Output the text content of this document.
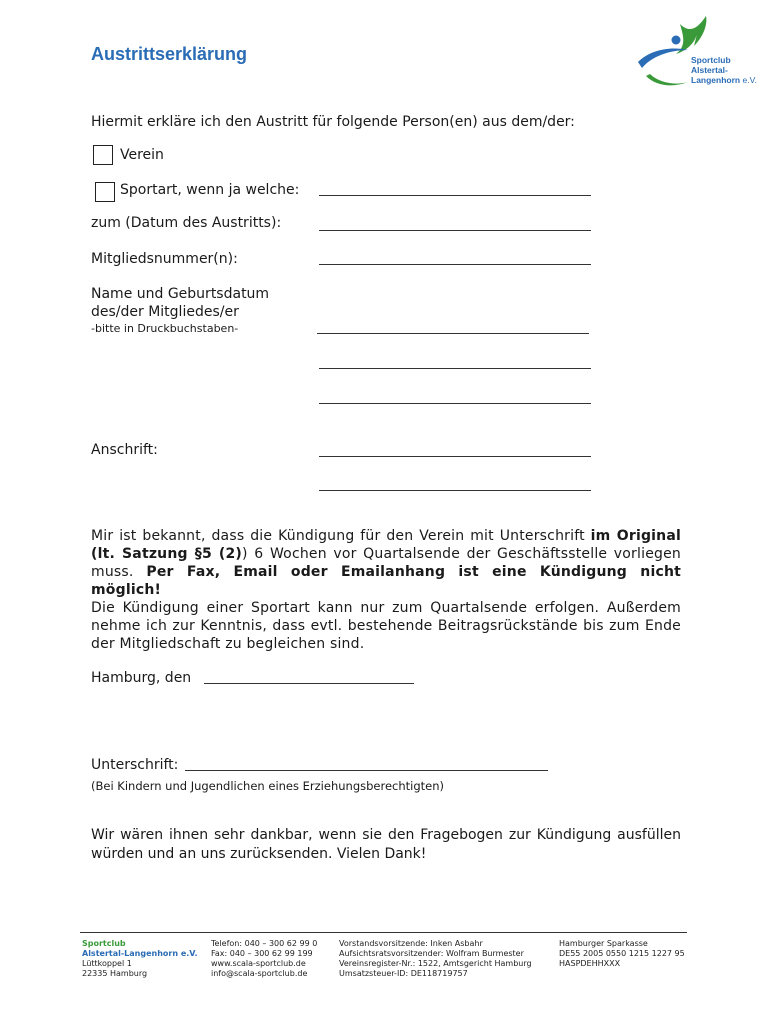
Austrittserklärung	Sportclub
Alstertal-
Langenhorn e.V.
Hiermit erkläre ich den Austritt für folgende Person(en) aus dem/der:
Verein
Sportart, wenn ja welche:
zum (Datum des Austritts):
Mitgliedsnummer(n):
Name und Geburtsdatum
des/der Mitgliedes/er
-bitte in Druckbuchstaben-
Anschrift:
Mir ist bekannt, dass die Kündigung für den Verein mit Unterschrift im Original (lt. Satzung §5 (2)) 6 Wochen vor Quartalsende der Geschäftsstelle vorliegen muss. Per Fax, Email oder Emailanhang ist eine Kündigung nicht möglich!
Die Kündigung einer Sportart kann nur zum Quartalsende erfolgen. Außerdem nehme ich zur Kenntnis, dass evtl. bestehende Beitragsrückstände bis zum Ende der Mitgliedschaft zu begleichen sind.
Hamburg, den
Unterschrift:
(Bei Kindern und Jugendlichen eines Erziehungsberechtigten)
Wir wären ihnen sehr dankbar, wenn sie den Fragebogen zur Kündigung ausfüllen würden und an uns zurücksenden. Vielen Dank!
Sportclub
Alstertal-Langenhorn e.V.
Lüttkoppel 1
22335 Hamburg
Telefon: 040 – 300 62 99 0
Fax: 040 – 300 62 99 199
www.scala-sportclub.de
info@scala-sportclub.de
Vorstandsvorsitzende: Inken Asbahr
Aufsichtsratsvorsitzender: Wolfram Burmester
Vereinsregister-Nr.: 1522, Amtsgericht Hamburg
Umsatzsteuer-ID: DE118719757
Hamburger Sparkasse
DE55 2005 0550 1215 1227 95
HASPDEHHXXX
